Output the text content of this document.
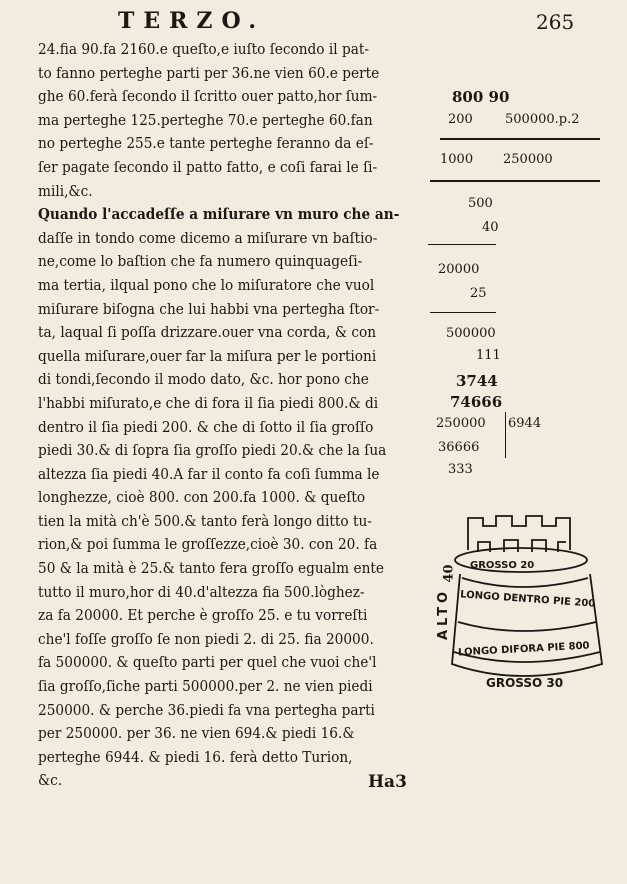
TERZO.	265
24.fia 90.fa 2160.e queſto,e iuſto ſecondo il pat-
to fanno perteghe parti per 36.ne vien 60.e perte
ghe 60.ferà ſecondo il ſcritto ouer patto,hor ſum-
ma perteghe 125.perteghe 70.e perteghe 60.fan
no perteghe 255.e tante perteghe feranno da eſ-
ſer pagate ſecondo il patto fatto, e coſi farai le ſi-
mili,&c.
Quando l'accadeſſe a miſurare vn muro che an-
daſſe in tondo come dicemo a miſurare vn baſtio-
ne,come lo baſtion che fa numero quinquageſi-
ma tertia, ilqual pono che lo miſuratore che vuol
miſurare biſogna che lui habbi vna pertegha ſtor-
ta, laqual ſi poſſa drizzare.ouer vna corda, & con
quella miſurare,ouer far la miſura per le portioni
di tondi,ſecondo il modo dato, &c. hor pono che
l'habbi miſurato,e che di fora il ſia piedi 800.& di
dentro il ſia piedi 200. & che di ſotto il ſia groſſo
piedi 30.& di ſopra ſia groſſo piedi 20.& che la ſua
altezza ſia piedi 40.A far il conto fa coſi ſumma le
longhezze, cioè 800. con 200.fa 1000. & queſto
tien la mità ch'è 500.& tanto ferà longo ditto tu-
rion,& poi ſumma le groſſezze,cioè 30. con 20. fa
50 & la mità è 25.& tanto fera groſſo egualm ente
tutto il muro,hor di 40.d'altezza fia 500.lòghez-
za fa 20000. Et perche è groſſo 25. e tu vorreſti
che'l foſſe groſſo ſe non piedi 2. di 25. fia 20000.
fa 500000. & queſto parti per quel che vuoi che'l
ſia groſſo,ſiche parti 500000.per 2. ne vien piedi
250000. & perche 36.piedi fa vna pertegha parti
per 250000. per 36. ne vien 694.& piedi 16.&
perteghe 6944. & piedi 16. ferà detto Turion,
&c.
800 90
200 500000.p.2
1000 250000
500
40
20000
25
500000
111
3744
74666
250000 6944
36666
333
GROSSO 20
LONGO DENTRO PIE 200
LONGO DIFORA PIE 800
GROSSO 30
40
ALTO
Ha3
